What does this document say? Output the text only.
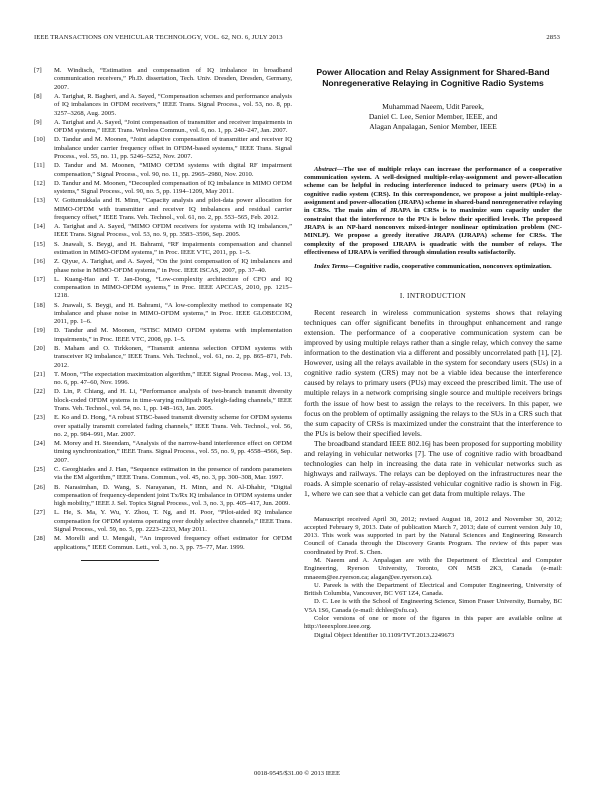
IEEE TRANSACTIONS ON VEHICULAR TECHNOLOGY, VOL. 62, NO. 6, JULY 2013	2853
[7]	M. Windisch, “Estimation and compensation of IQ imbalance in broadband communication receivers,” Ph.D. dissertation, Tech. Univ. Dresden, Dresden, Germany, 2007.
[8]	A. Tarighat, R. Bagheri, and A. Sayed, “Compensation schemes and performance analysis of IQ imbalances in OFDM receivers,” IEEE Trans. Signal Process., vol. 53, no. 8, pp. 3257–3268, Aug. 2005.
[9]	A. Tarighat and A. Sayed, “Joint compensation of transmitter and receiver impairments in OFDM systems,” IEEE Trans. Wireless Commun., vol. 6, no. 1, pp. 240–247, Jan. 2007.
[10]	D. Tandur and M. Moonen, “Joint adaptive compensation of transmitter and receiver IQ imbalance under carrier frequency offset in OFDM-based systems,” IEEE Trans. Signal Process., vol. 55, no. 11, pp. 5246–5252, Nov. 2007.
[11]	D. Tandur and M. Moonen, “MIMO OFDM systems with digital RF impairment compensation,” Signal Process., vol. 90, no. 11, pp. 2965–2980, Nov. 2010.
[12]	D. Tandur and M. Moonen, “Decoupled compensation of IQ imbalance in MIMO OFDM systems,” Signal Process., vol. 90, no. 5, pp. 1194–1209, May 2011.
[13]	V. Gottumukkala and H. Minn, “Capacity analysis and pilot-data power allocation for MIMO-OFDM with transmitter and receiver IQ imbalances and residual carrier frequency offset,” IEEE Trans. Veh. Technol., vol. 61, no. 2, pp. 553–565, Feb. 2012.
[14]	A. Tarighat and A. Sayed, “MIMO OFDM receivers for systems with IQ imbalances,” IEEE Trans. Signal Process., vol. 53, no. 9, pp. 3583–3596, Sep. 2005.
[15]	S. Jnawali, S. Beygi, and H. Bahrami, “RF impairments compensation and channel estimation in MIMO-OFDM systems,” in Proc. IEEE VTC, 2011, pp. 1–5.
[16]	Z. Qiyue, A. Tarighat, and A. Sayed, “On the joint compensation of IQ imbalances and phase noise in MIMO-OFDM systems,” in Proc. IEEE ISCAS, 2007, pp. 37–40.
[17]	L. Kuang-Hao and T. Jan-Dong, “Low-complexity architecture of CFO and IQ compensation in MIMO-OFDM systems,” in Proc. IEEE APCCAS, 2010, pp. 1215–1218.
[18]	S. Jnawali, S. Beygi, and H. Bahrami, “A low-complexity method to compensate IQ imbalance and phase noise in MIMO-OFDM systems,” in Proc. IEEE GLOBECOM, 2011, pp. 1–6.
[19]	D. Tandur and M. Moonen, “STBC MIMO OFDM systems with implementation impairments,” in Proc. IEEE VTC, 2008, pp. 1–5.
[20]	B. Maham and O. Tirkkonen, “Transmit antenna selection OFDM systems with transceiver IQ imbalance,” IEEE Trans. Veh. Technol., vol. 61, no. 2, pp. 865–871, Feb. 2012.
[21]	T. Moon, “The expectation maximization algorithm,” IEEE Signal Process. Mag., vol. 13, no. 6, pp. 47–60, Nov. 1996.
[22]	D. Lin, P. Chiang, and H. Li, “Performance analysis of two-branch transmit diversity block-coded OFDM systems in time-varying multipath Rayleigh-fading channels,” IEEE Trans. Veh. Technol., vol. 54, no. 1, pp. 148–163, Jan. 2005.
[23]	E. Ko and D. Hong, “A robust STBC-based transmit diversity scheme for OFDM systems over spatially transmit correlated fading channels,” IEEE Trans. Veh. Technol., vol. 56, no. 2, pp. 984–991, Mar. 2007.
[24]	M. Morey and H. Steendam, “Analysis of the narrow-band interference effect on OFDM timing synchronization,” IEEE Trans. Signal Process., vol. 55, no. 9, pp. 4558–4566, Sep. 2007.
[25]	C. Georghiades and J. Han, “Sequence estimation in the presence of random parameters via the EM algorithm,” IEEE Trans. Commun., vol. 45, no. 3, pp. 300–308, Mar. 1997.
[26]	B. Narasimhan, D. Wang, S. Narayanan, H. Minn, and N. Al-Dhahir, “Digital compensation of frequency-dependent joint Tx/Rx IQ imbalance in OFDM systems under high mobility,” IEEE J. Sel. Topics Signal Process., vol. 3, no. 3, pp. 405–417, Jun. 2009.
[27]	L. He, S. Ma, Y. Wu, Y. Zhou, T. Ng, and H. Poor, “Pilot-aided IQ imbalance compensation for OFDM systems operating over doubly selective channels,” IEEE Trans. Signal Process., vol. 59, no. 5, pp. 2223–2233, May 2011.
[28]	M. Morelli and U. Mengali, “An improved frequency offset estimator for OFDM applications,” IEEE Commun. Lett., vol. 3, no. 3, pp. 75–77, Mar. 1999.
Power Allocation and Relay Assignment for Shared-Band Nonregenerative Relaying in Cognitive Radio Systems
Muhammad Naeem, Udit Pareek,
Daniel C. Lee, Senior Member, IEEE, and
Alagan Anpalagan, Senior Member, IEEE
Abstract—The use of multiple relays can increase the performance of a cooperative communication system. A well-designed multiple-relay-assignment and power-allocation scheme can be helpful in reducing interference induced to primary users (PUs) in a cognitive radio system (CRS). In this correspondence, we propose a joint multiple-relay-assignment and power-allocation (JRAPA) scheme in shared-band nonregenerative relaying in CRSs. The main aim of JRAPA in CRSs is to maximize sum capacity under the constraint that the interference to the PUs is below their specified levels. The proposed JRAPA is an NP-hard nonconvex mixed-integer nonlinear optimization problem (NC-MINLP). We propose a greedy iterative JRAPA (IJRAPA) scheme for CRSs. The complexity of the proposed IJRAPA is quadratic with the number of relays. The effectiveness of IJRAPA is verified through simulation results satisfactorily.
Index Terms—Cognitive radio, cooperative communication, nonconvex optimization.
I. INTRODUCTION

Recent research in wireless communication systems shows that relaying techniques can offer significant benefits in throughput enhancement and range extension. The performance of a cooperative communication system can be improved by using multiple relays rather than a single relay, which convey the same information to the destination via a different and possibly uncorrelated path [1], [2]. However, using all the relays available in the system for secondary users (SUs) in a cognitive radio system (CRS) may not be a viable idea because the interference caused by relays to primary users (PUs) may exceed the prescribed limit. The use of multiple relays in a network comprising single source and multiple receivers brings forth the issue of how best to assign the relays to the receivers. In this paper, we focus on the problem of optimally assigning the relays to the SUs in a CRS such that the sum capacity of CRSs is maximized under the constraint that the interference to the PUs is below their specified levels.

The broadband standard IEEE 802.16j has been proposed for supporting mobility and relaying in vehicular networks [7]. The use of cognitive radio with broadband technologies can help in increasing the data rate in vehicular networks such as highways and railways. The relays can be deployed on the infrastructures near the roads. A simple scenario of relay-assisted vehicular cognitive radio is shown in Fig. 1, where we can see that a vehicle can get data from multiple relays. The

Manuscript received April 30, 2012; revised August 18, 2012 and November 30, 2012; accepted February 9, 2013. Date of publication March 7, 2013; date of current version July 10, 2013. This work was supported in part by the Natural Sciences and Engineering Research Council of Canada through the Discovery Grants Program. The review of this paper was coordinated by Prof. S. Chen.

M. Naeem and A. Anpalagan are with the Department of Electrical and Computer Engineering, Ryerson University, Toronto, ON M5B 2K3, Canada (e-mail: mnaeem@ee.ryerson.ca; alagan@ee.ryerson.ca).

U. Pareek is with the Department of Electrical and Computer Engineering, University of British Columbia, Vancouver, BC V6T 1Z4, Canada.

D. C. Lee is with the School of Engineering Science, Simon Fraser University, Burnaby, BC V5A 1S6, Canada (e-mail: dchlee@sfu.ca).

Color versions of one or more of the figures in this paper are available online at http://ieeexplore.ieee.org.

Digital Object Identifier 10.1109/TVT.2013.2249673

0018-9545/$31.00 © 2013 IEEE
